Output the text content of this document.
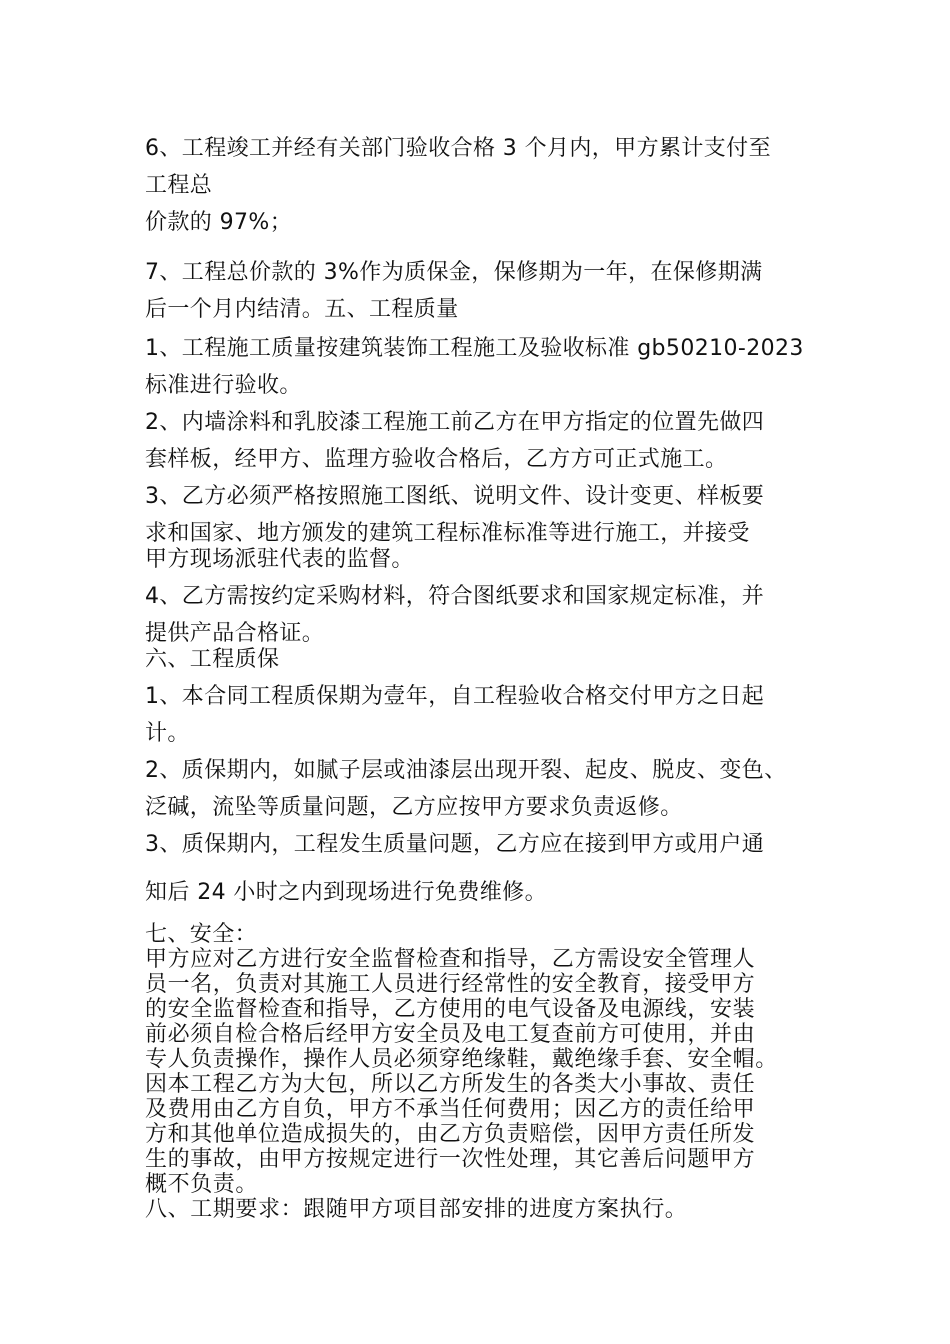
6、工程竣工并经有关部门验收合格 3 个月内，甲方累计支付至
工程总
价款的 97%；
7、工程总价款的 3%作为质保金，保修期为一年，在保修期满
后一个月内结清。五、工程质量
1、工程施工质量按建筑装饰工程施工及验收标准 gb50210-2023
标准进行验收。
2、内墙涂料和乳胶漆工程施工前乙方在甲方指定的位置先做四
套样板，经甲方、监理方验收合格后，乙方方可正式施工。
3、乙方必须严格按照施工图纸、说明文件、设计变更、样板要
求和国家、地方颁发的建筑工程标准标准等进行施工，并接受
甲方现场派驻代表的监督。
4、乙方需按约定采购材料，符合图纸要求和国家规定标准，并
提供产品合格证。
六、工程质保
1、本合同工程质保期为壹年，自工程验收合格交付甲方之日起
计。
2、质保期内，如腻子层或油漆层出现开裂、起皮、脱皮、变色、
泛碱，流坠等质量问题，乙方应按甲方要求负责返修。
3、质保期内，工程发生质量问题，乙方应在接到甲方或用户通
知后 24 小时之内到现场进行免费维修。
七、安全：
甲方应对乙方进行安全监督检查和指导，乙方需设安全管理人
员一名，负责对其施工人员进行经常性的安全教育，接受甲方
的安全监督检查和指导，乙方使用的电气设备及电源线，安装
前必须自检合格后经甲方安全员及电工复查前方可使用，并由
专人负责操作，操作人员必须穿绝缘鞋，戴绝缘手套、安全帽。
因本工程乙方为大包，所以乙方所发生的各类大小事故、责任
及费用由乙方自负，甲方不承当任何费用；因乙方的责任给甲
方和其他单位造成损失的，由乙方负责赔偿，因甲方责任所发
生的事故，由甲方按规定进行一次性处理，其它善后问题甲方
概不负责。
八、工期要求：跟随甲方项目部安排的进度方案执行。
